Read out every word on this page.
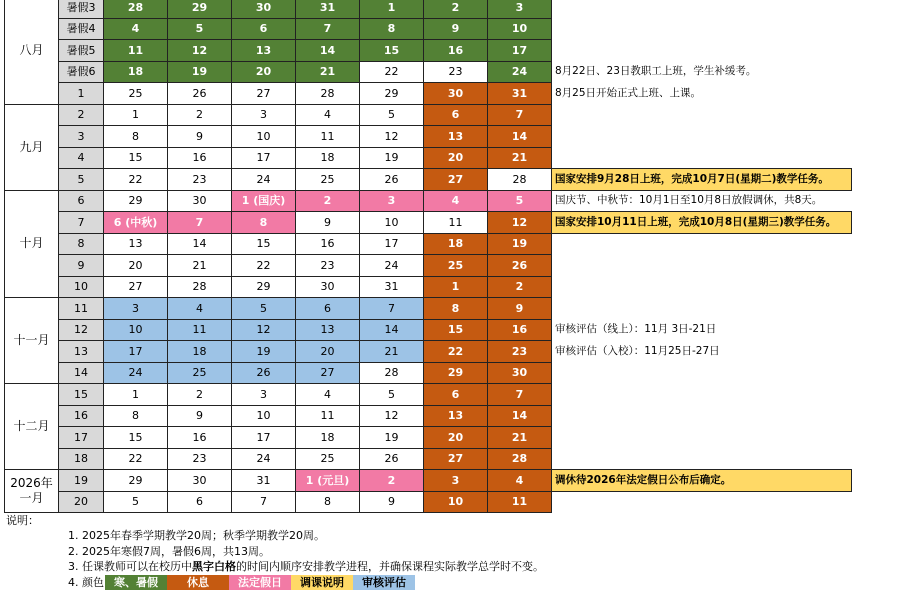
八月	暑假3	28	29	30	31	1	2	3	
	暑假4	4	5	6	7	8	9	10	
	暑假5	11	12	13	14	15	16	17	
	暑假6	18	19	20	21	22	23	24	8月22日、23日教职工上班，学生补缓考。
	1	25	26	27	28	29	30	31	8月25日开始正式上班、上课。
九月	2	1	2	3	4	5	6	7	
	3	8	9	10	11	12	13	14	
	4	15	16	17	18	19	20	21	
	5	22	23	24	25	26	27	28	国家安排9月28日上班，完成10月7日(星期二)教学任务。
十月	6	29	30	1 (国庆)	2	3	4	5	国庆节、中秋节：10月1日至10月8日放假调休，共8天。
	7	6 (中秋)	7	8	9	10	11	12	国家安排10月11日上班，完成10月8日(星期三)教学任务。
	8	13	14	15	16	17	18	19	
	9	20	21	22	23	24	25	26	
	10	27	28	29	30	31	1	2	
十一月	11	3	4	5	6	7	8	9	
	12	10	11	12	13	14	15	16	审核评估（线上）：11月 3日-21日
	13	17	18	19	20	21	22	23	审核评估（入校）：11月25日-27日
	14	24	25	26	27	28	29	30	
十二月	15	1	2	3	4	5	6	7	
	16	8	9	10	11	12	13	14	
	17	15	16	17	18	19	20	21	
	18	22	23	24	25	26	27	28	
2026年 一月	19	29	30	31	1 (元旦)	2	3	4	调休待2026年法定假日公布后确定。
	20	5	6	7	8	9	10	11	
说明：
1. 2025年春季学期教学20周；秋季学期教学20周。
2. 2025年寒假7周，暑假6周，共13周。
3. 任课教师可以在校历中黑字白格的时间内顺序安排教学进程，并确保课程实际教学总学时不变。
4. 颜色 寒、暑假	休息	法定假日 调课说明 审核评估
